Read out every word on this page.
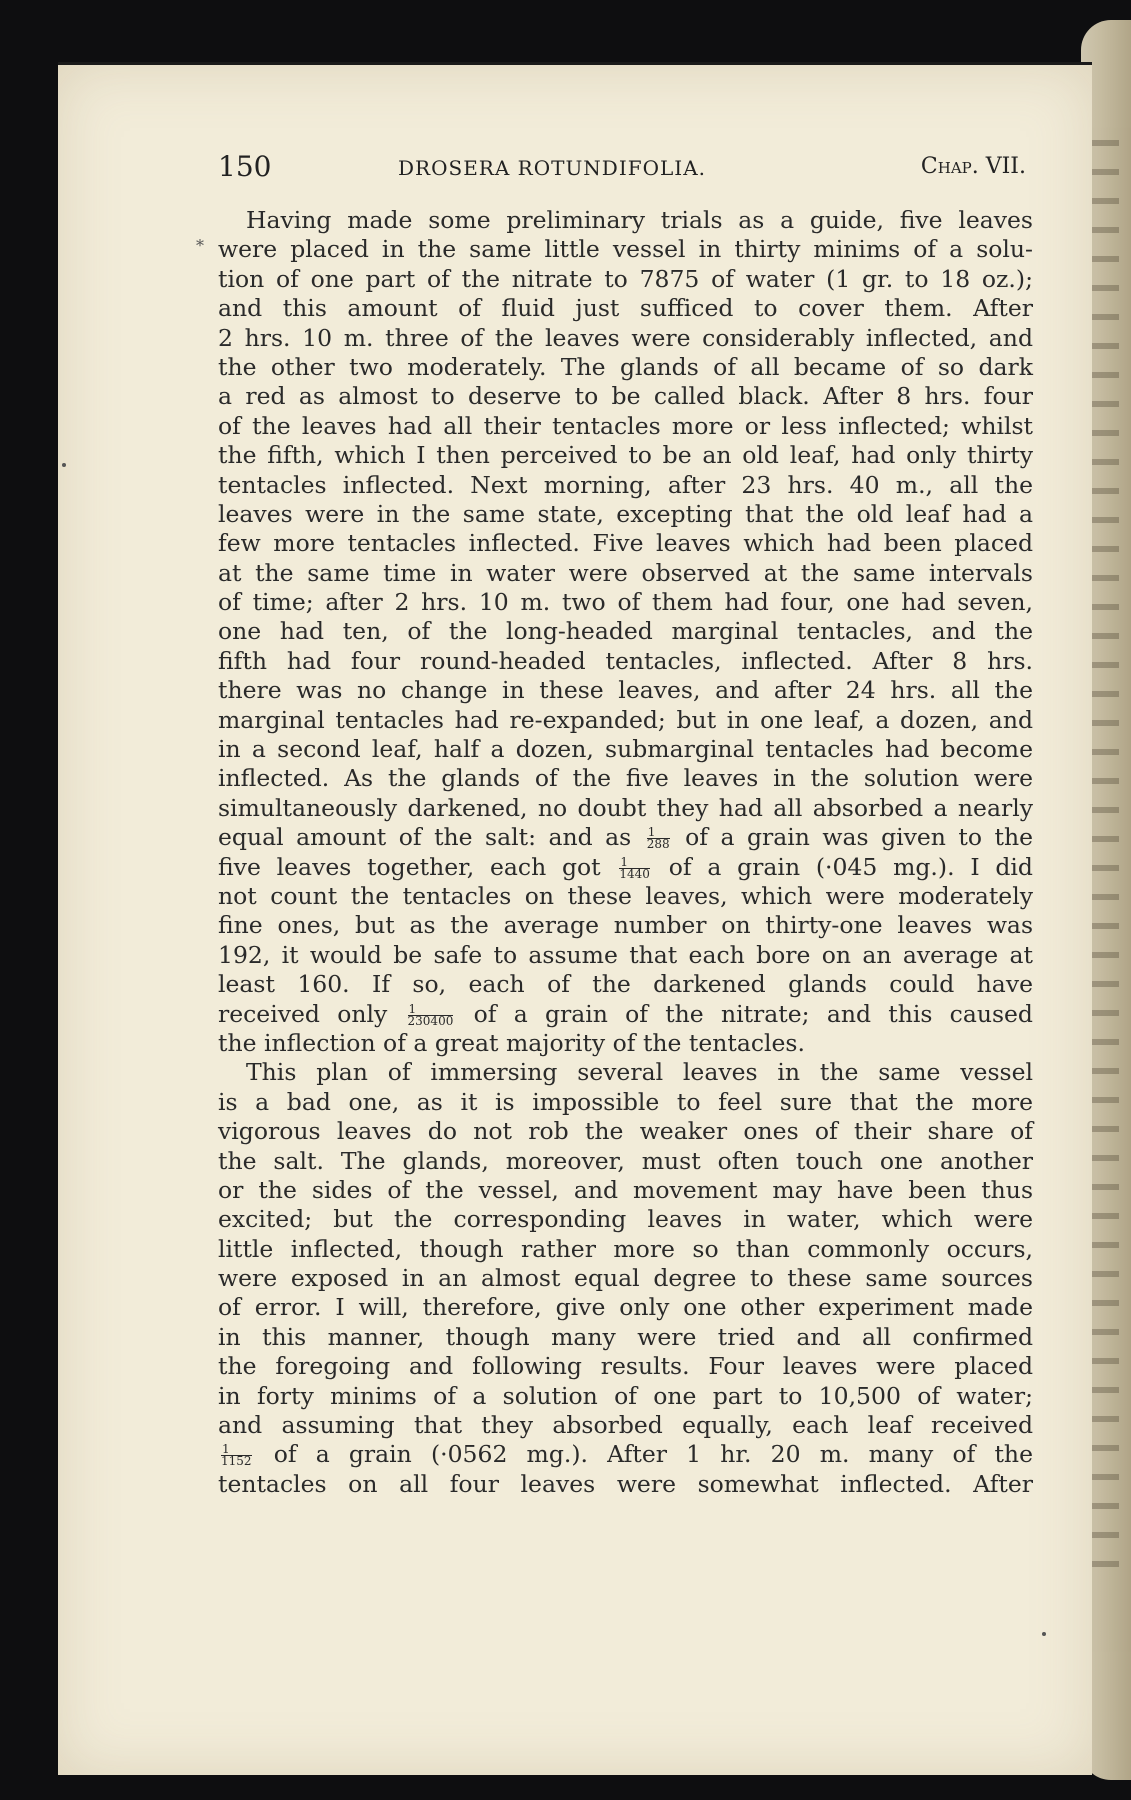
150	DROSERA ROTUNDIFOLIA.	Chap. VII.
*
Having made some preliminary trials as a guide, five leaves
were placed in the same little vessel in thirty minims of a solu-
tion of one part of the nitrate to 7875 of water (1 gr. to 18 oz.);
and this amount of fluid just sufficed to cover them. After
2 hrs. 10 m. three of the leaves were considerably inflected, and
the other two moderately. The glands of all became of so dark
a red as almost to deserve to be called black. After 8 hrs. four
of the leaves had all their tentacles more or less inflected; whilst
the fifth, which I then perceived to be an old leaf, had only thirty
tentacles inflected. Next morning, after 23 hrs. 40 m., all the
leaves were in the same state, excepting that the old leaf had a
few more tentacles inflected. Five leaves which had been placed
at the same time in water were observed at the same intervals
of time; after 2 hrs. 10 m. two of them had four, one had seven,
one had ten, of the long-headed marginal tentacles, and the
fifth had four round-headed tentacles, inflected. After 8 hrs.
there was no change in these leaves, and after 24 hrs. all the
marginal tentacles had re-expanded; but in one leaf, a dozen, and
in a second leaf, half a dozen, submarginal tentacles had become
inflected. As the glands of the five leaves in the solution were
simultaneously darkened, no doubt they had all absorbed a nearly
equal amount of the salt: and as $\frac{1}{288}$ of a grain was given to the
five leaves together, each got $\frac{1}{1440}$ of a grain (·045 mg.). I did
not count the tentacles on these leaves, which were moderately
fine ones, but as the average number on thirty-one leaves was
192, it would be safe to assume that each bore on an average at
least 160. If so, each of the darkened glands could have
received only $\frac{1}{230400}$ of a grain of the nitrate; and this caused
the inflection of a great majority of the tentacles.
This plan of immersing several leaves in the same vessel
is a bad one, as it is impossible to feel sure that the more
vigorous leaves do not rob the weaker ones of their share of
the salt. The glands, moreover, must often touch one another
or the sides of the vessel, and movement may have been thus
excited; but the corresponding leaves in water, which were
little inflected, though rather more so than commonly occurs,
were exposed in an almost equal degree to these same sources
of error. I will, therefore, give only one other experiment made
in this manner, though many were tried and all confirmed
the foregoing and following results. Four leaves were placed
in forty minims of a solution of one part to 10,500 of water;
and assuming that they absorbed equally, each leaf received
$\frac{1}{1152}$ of a grain (·0562 mg.). After 1 hr. 20 m. many of the
tentacles on all four leaves were somewhat inflected. After
